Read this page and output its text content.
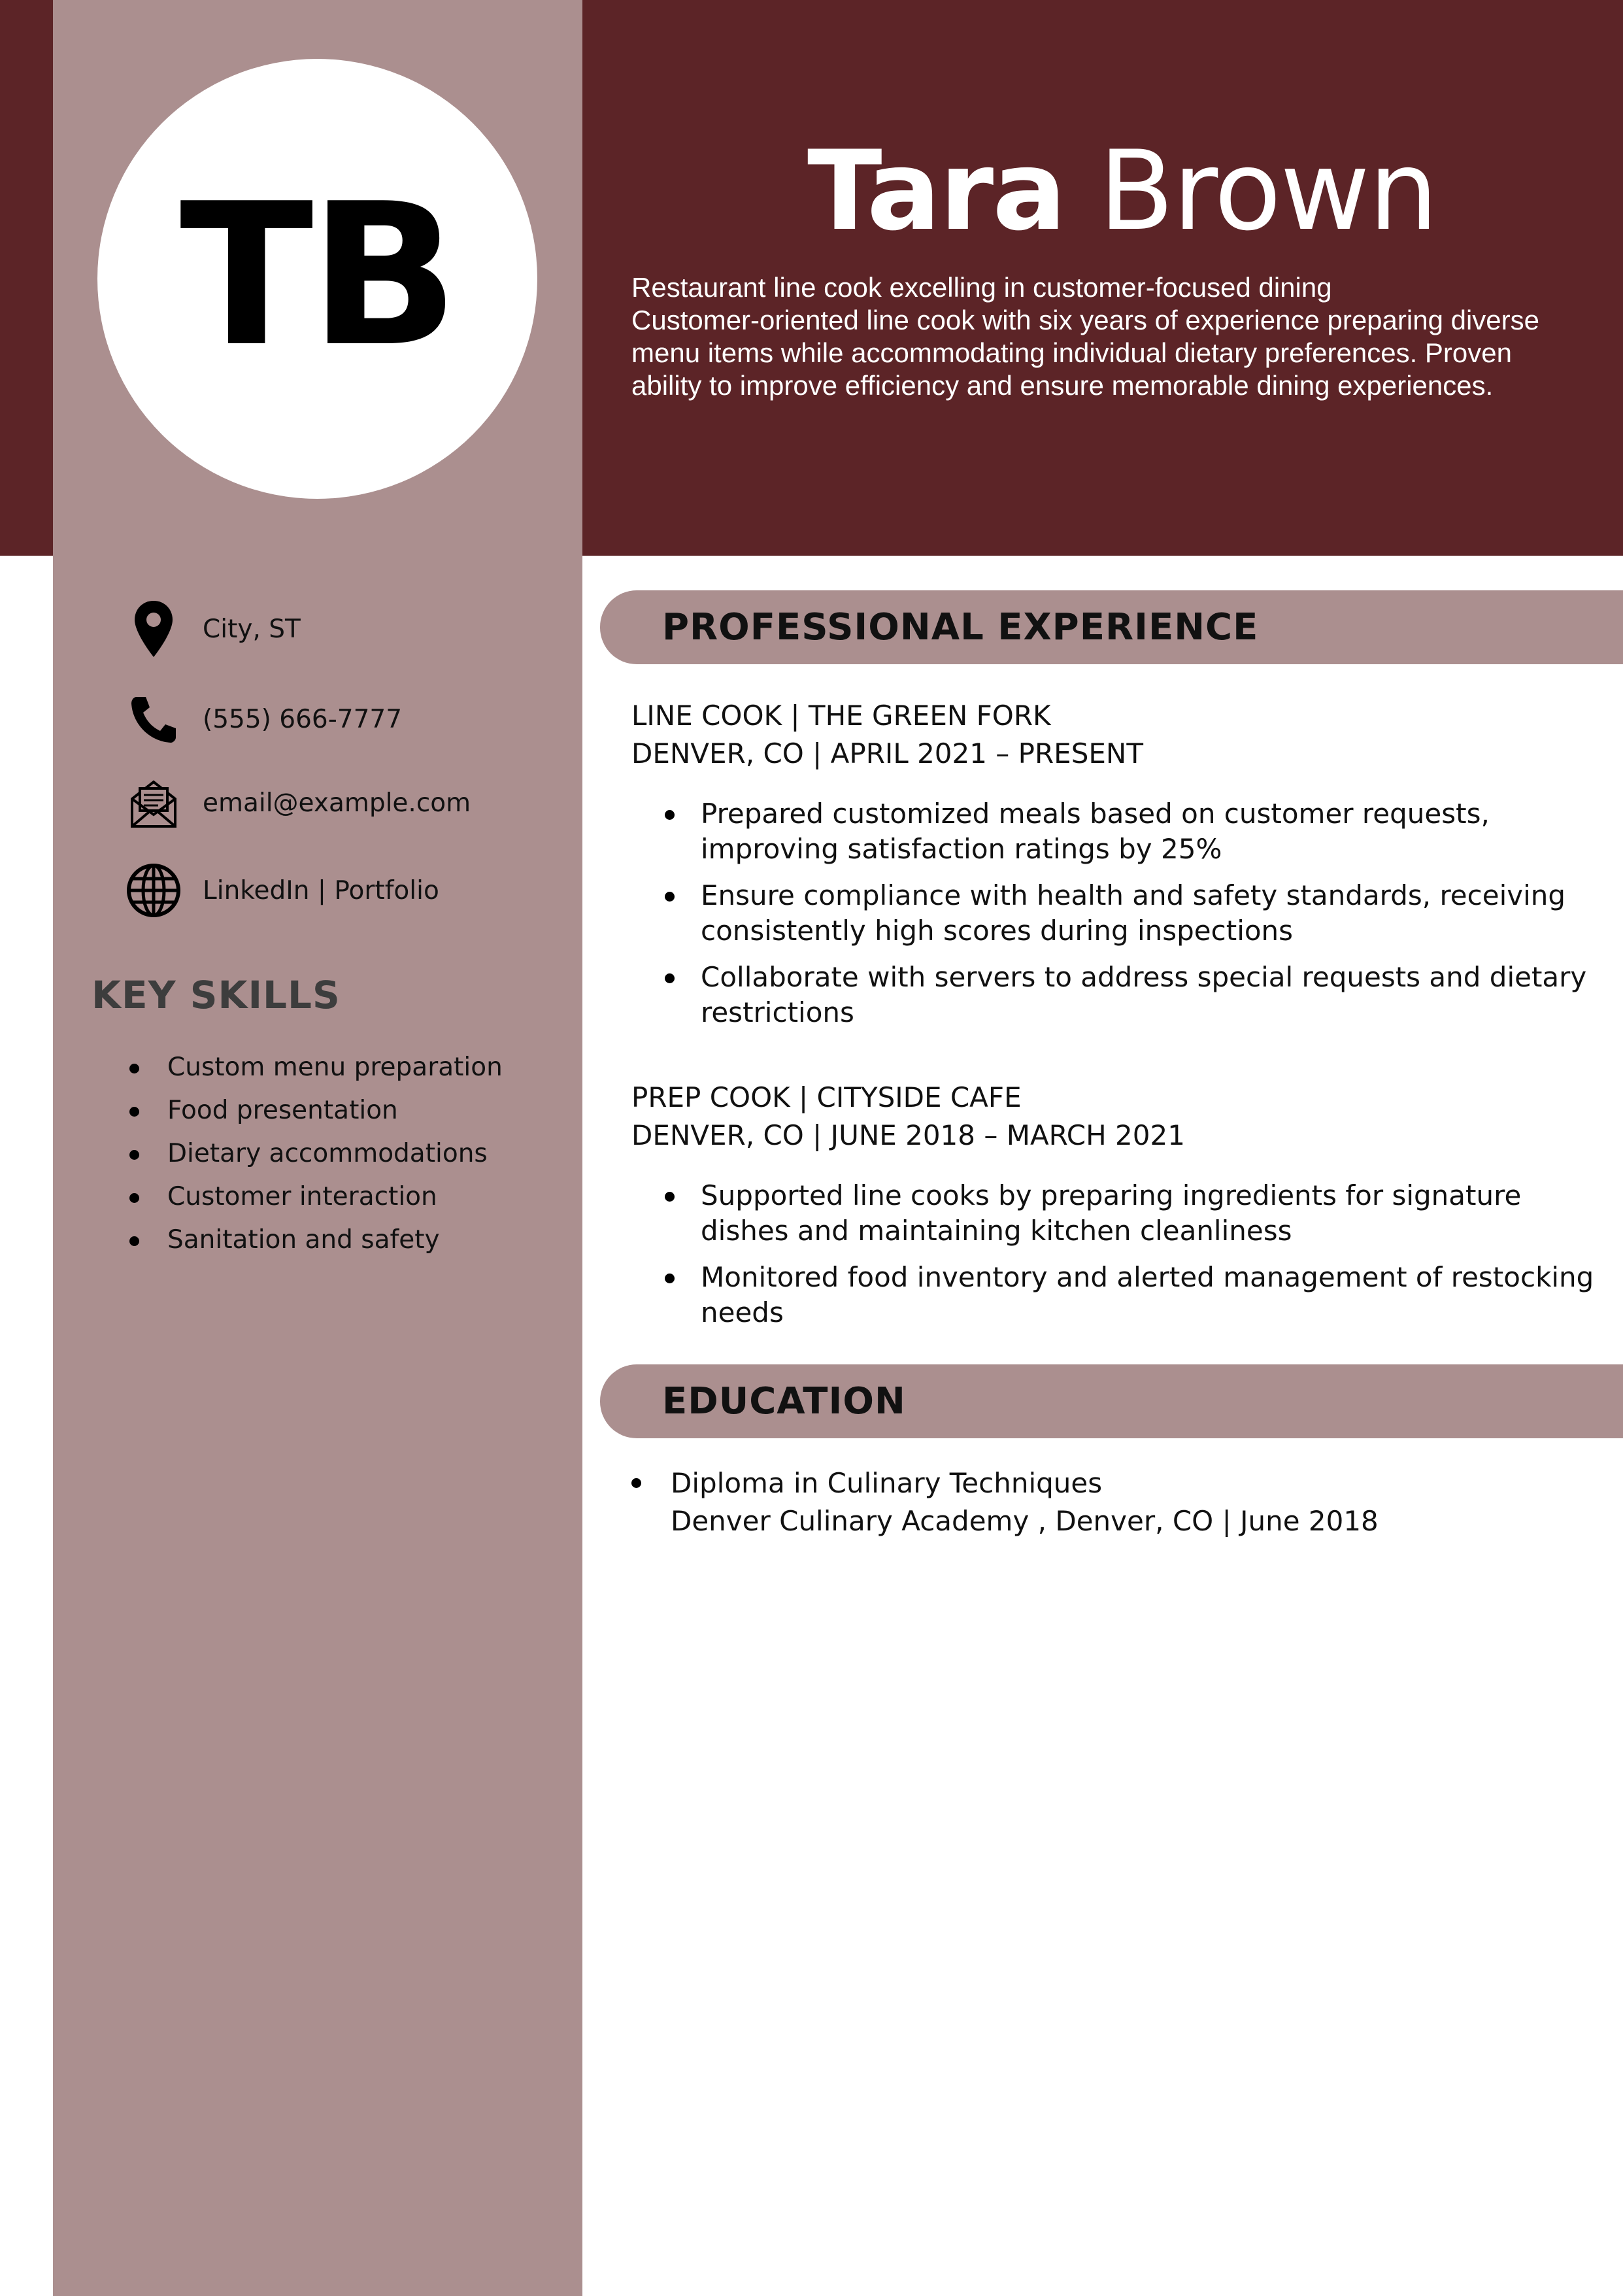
TB	Tara Brown
Restaurant line cook excelling in customer-focused dining
Customer-oriented line cook with six years of experience preparing diverse menu items while accommodating individual dietary preferences. Proven ability to improve efficiency and ensure memorable dining experiences.
City, ST
(555) 666-7777
email@example.com
LinkedIn | Portfolio
KEY SKILLS
Custom menu preparation
Food presentation
Dietary accommodations
Customer interaction
Sanitation and safety
PROFESSIONAL EXPERIENCE
LINE COOK | THE GREEN FORK
DENVER, CO | APRIL 2021 – PRESENT
Prepared customized meals based on customer requests, improving satisfaction ratings by 25%
Ensure compliance with health and safety standards, receiving consistently high scores during inspections
Collaborate with servers to address special requests and dietary restrictions
PREP COOK | CITYSIDE CAFE
DENVER, CO | JUNE 2018 – MARCH 2021
Supported line cooks by preparing ingredients for signature dishes and maintaining kitchen cleanliness
Monitored food inventory and alerted management of restocking needs
EDUCATION
Diploma in Culinary Techniques
Denver Culinary Academy , Denver, CO | June 2018
